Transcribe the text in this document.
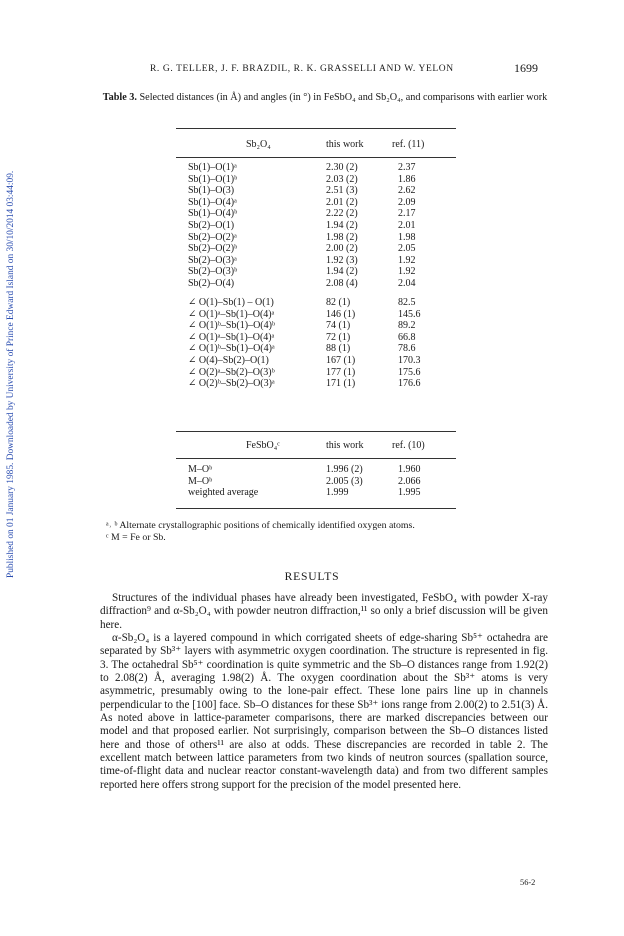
R. G. TELLER, J. F. BRAZDIL, R. K. GRASSELLI AND W. YELON	1699
Published on 01 January 1985. Downloaded by University of Prince Edward Island on 30/10/2014 03:44:09.
Table 3. Selected distances (in Å) and angles (in °) in FeSbO₄ and Sb₂O₄, and comparisons with earlier work
Sb₂O₄	this work	ref. (11)
Sb(1)–O(1)ᵃ	2.30 (2)	2.37
Sb(1)–O(1)ᵇ	2.03 (2)	1.86
Sb(1)–O(3)	2.51 (3)	2.62
Sb(1)–O(4)ᵃ	2.01 (2)	2.09
Sb(1)–O(4)ᵇ	2.22 (2)	2.17
Sb(2)–O(1)	1.94 (2)	2.01
Sb(2)–O(2)ᵃ	1.98 (2)	1.98
Sb(2)–O(2)ᵇ	2.00 (2)	2.05
Sb(2)–O(3)ᵃ	1.92 (3)	1.92
Sb(2)–O(3)ᵇ	1.94 (2)	1.92
Sb(2)–O(4)	2.08 (4)	2.04
∠ O(1)–Sb(1) – O(1)	82 (1)	82.5
∠ O(1)ᵃ–Sb(1)–O(4)ᵃ	146 (1)	145.6
∠ O(1)ᵇ–Sb(1)–O(4)ᵇ	74 (1)	89.2
∠ O(1)ᵃ–Sb(1)–O(4)ᵃ	72 (1)	66.8
∠ O(1)ᵇ–Sb(1)–O(4)ᵃ	88 (1)	78.6
∠ O(4)–Sb(2)–O(1)	167 (1)	170.3
∠ O(2)ᵃ–Sb(2)–O(3)ᵇ	177 (1)	175.6
∠ O(2)ᵇ–Sb(2)–O(3)ᵃ	171 (1)	176.6
FeSbO₄ᶜ	this work	ref. (10)
M–Oᵇ	1.996 (2)	1.960
M–Oᵇ	2.005 (3)	2.066
weighted average	1.999	1.995
ᵃ˒ ᵇ Alternate crystallographic positions of chemically identified oxygen atoms.
ᶜ M = Fe or Sb.
RESULTS

Structures of the individual phases have already been investigated, FeSbO₄ with powder X-ray diffraction⁹ and α-Sb₂O₄ with powder neutron diffraction,¹¹ so only a brief discussion will be given here.

α-Sb₂O₄ is a layered compound in which corrigated sheets of edge-sharing Sb⁵⁺ octahedra are separated by Sb³⁺ layers with asymmetric oxygen coordination. The structure is represented in fig. 3. The octahedral Sb⁵⁺ coordination is quite symmetric and the Sb–O distances range from 1.92(2) to 2.08(2) Å, averaging 1.98(2) Å. The oxygen coordination about the Sb³⁺ atoms is very asymmetric, presumably owing to the lone-pair effect. These lone pairs line up in channels perpendicular to the [100] face. Sb–O distances for these Sb³⁺ ions range from 2.00(2) to 2.51(3) Å. As noted above in lattice-parameter comparisons, there are marked discrepancies between our model and that proposed earlier. Not surprisingly, comparison between the Sb–O distances listed here and those of others¹¹ are also at odds. These discrepancies are recorded in table 2. The excellent match between lattice parameters from two kinds of neutron sources (spallation source, time-of-flight data and nuclear reactor constant-wavelength data) and from two different samples reported here offers strong support for the precision of the model presented here.

56-2
